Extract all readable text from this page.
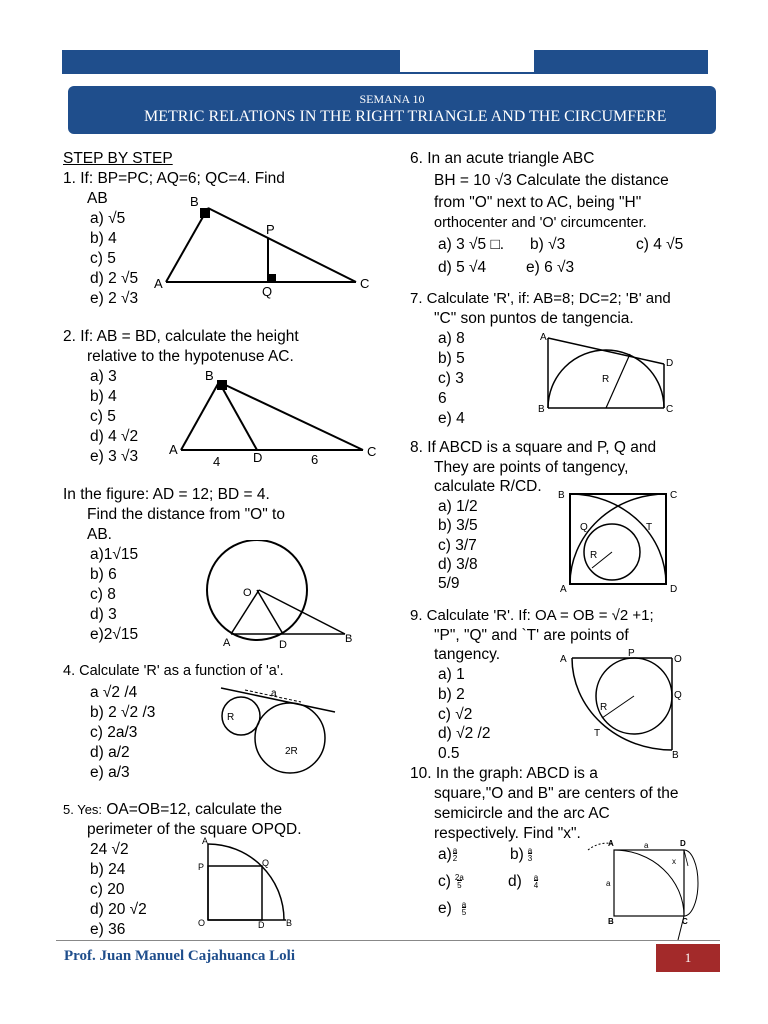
SEMANA 10
METRIC RELATIONS IN THE RIGHT TRIANGLE AND THE CIRCUMFERE
STEP BY STEP
1. If: BP=PC; AQ=6; QC=4. Find
AB
a) √5
b) 4
c) 5
d) 2 √5
e) 2 √3
B
P
A
Q
C
2. If: AB = BD, calculate the height
relative to the hypotenuse AC.
a) 3
b) 4
c) 5
d) 4 √2
e) 3 √3
B
A
D	C
4	6
In the figure: AD = 12; BD = 4.
Find the distance from "O" to
AB.
a)1√15
b) 6
c) 8
d) 3
e)2√15
O
A	D	B
4. Calculate 'R' as a function of 'a'.
a √2 /4
b) 2 √2 /3
c) 2a/3
d) a/2
e) a/3
a
R
2R
5. Yes: OA=OB=12, calculate the
perimeter of the square OPQD.
24 √2
b) 24
c) 20
d) 20 √2
e) 36
A
P	Q
O	D B
6. In an acute triangle ABC
BH = 10 √3 Calculate the distance
from "O" next to AC, being "H"
orthocenter and 'O' circumcenter.
a) 3 √5 □. b) √3	c) 4 √5
d) 5 √4	e) 6 √3
7. Calculate 'R', if: AB=8; DC=2; 'B' and
"C" son puntos de tangencia.
a) 8
b) 5
c) 3
6
e) 4
A
D
R
B	C
8. If ABCD is a square and P, Q and
They are points of tangency,
calculate R/CD.
a) 1/2
b) 3/5
c) 3/7
d) 3/8
5/9
B	C
Q	T
R
A	D
9. Calculate 'R'. If: OA = OB = √2 +1;
"P", "Q" and `T' are points of
tangency.
a) 1
b) 2
c) √2
d) √2 /2
0.5
A
P
O
Q
R
T
B
10. In the graph: ABCD is a
square,"O and B" are centers of the
semicircle and the arc AC
respectively. Find "x".
$a)\frac{a}{2}$	$b) \frac{a}{3}$
$c) \frac{2a}{5}$	$d) \frac{a}{4}$
$e) \frac{a}{5}$
A	a	D
x
a
B	C
Prof. Juan Manuel Cajahuanca Loli	1
